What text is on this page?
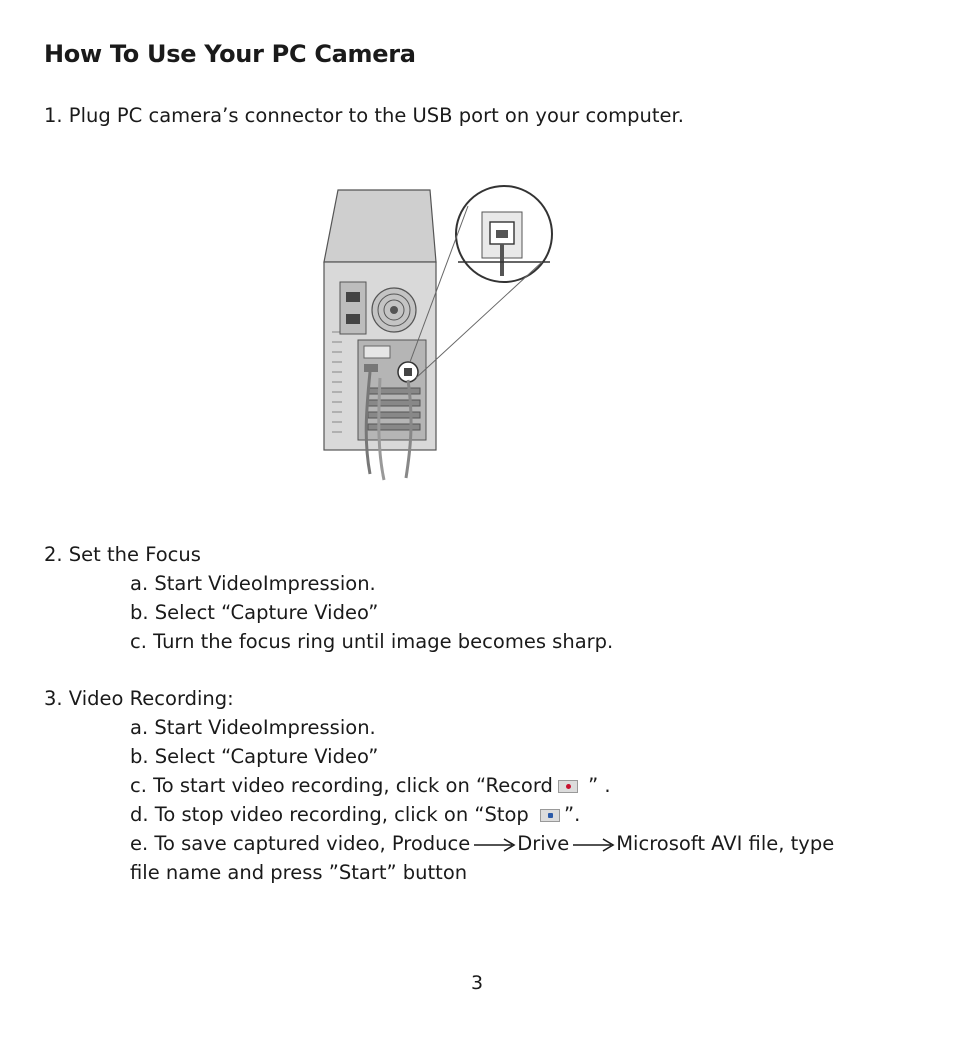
How To Use Your PC Camera
1. Plug PC camera’s connector to the USB port on your computer.
2. Set the Focus
a. Start VideoImpression.
b. Select “Capture Video”
c. Turn the focus ring until image becomes sharp.
3. Video Recording:
a. Start VideoImpression.
b. Select “Capture Video”
c. To start video recording, click on “Record
” .
d. To stop video recording, click on “Stop
”.
e. To save captured video, Produce Drive Microsoft AVI file, type
file name and press ”Start” button
3
